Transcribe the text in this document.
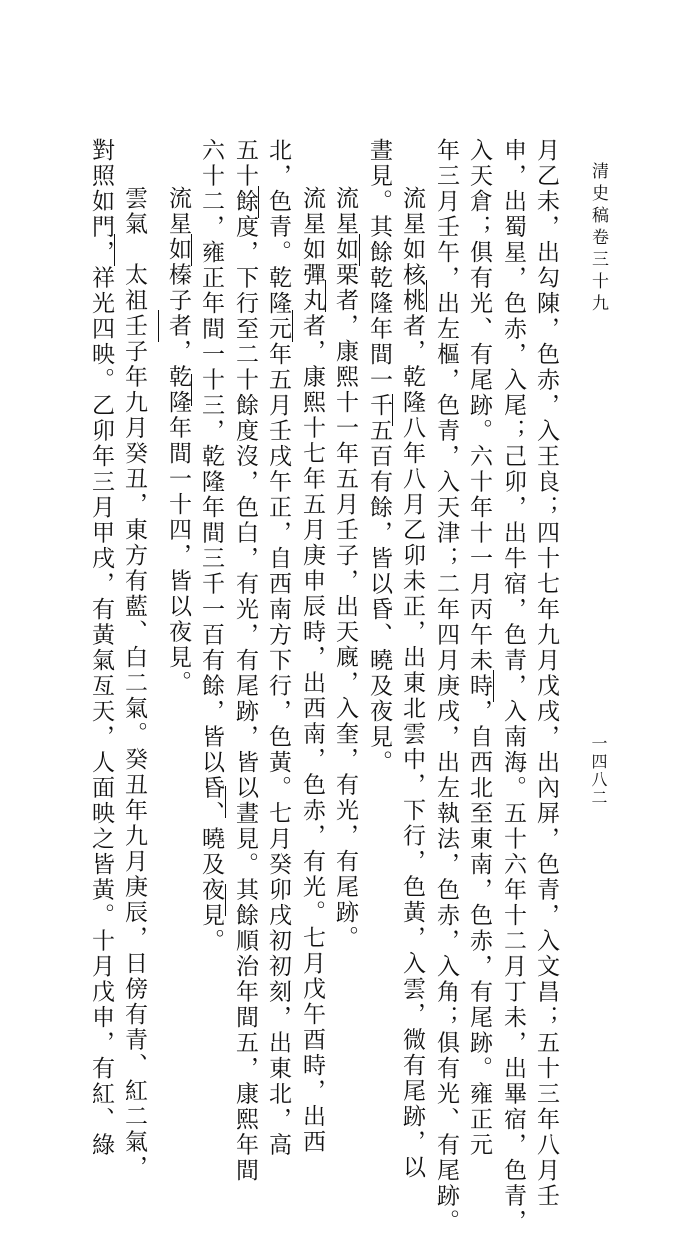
清史稿卷三十九
一四八二
月乙未，出勾陳，色赤，入王良；四十七年九月戊戌，出內屏，色青，入文昌；五十三年八月壬
申，出蜀星，色赤，入尾；己卯，出牛宿，色青，入南海。五十六年十二月丁未，出畢宿，色青，
入天倉；俱有光、有尾跡。六十年十一月丙午未時，自西北至東南，色赤，有尾跡。雍正元
年三月壬午，出左樞，色青，入天津；二年四月庚戌，出左執法，色赤，入角；俱有光、有尾跡。
流星如核桃者，乾隆八年八月乙卯未正，出東北雲中，下行，色黃，入雲，微有尾跡，以
晝見。其餘乾隆年間一千五百有餘，皆以昏、曉及夜見。
流星如栗者，康熙十一年五月壬子，出天廐，入奎，有光，有尾跡。
流星如彈丸者，康熙十七年五月庚申辰時，出西南，色赤，有光。七月戊午酉時，出西
北，色青。乾隆元年五月壬戌午正，自西南方下行，色黃。七月癸卯戌初初刻，出東北，高
五十餘度，下行至二十餘度沒，色白，有光，有尾跡，皆以晝見。其餘順治年間五，康熙年間
六十二，雍正年間一十三，乾隆年間三千一百有餘，皆以昏、曉及夜見。
流星如榛子者，乾隆年間一十四，皆以夜見。
雲氣　太祖壬子年九月癸丑，東方有藍、白二氣。癸丑年九月庚辰，日傍有青、紅二氣，
對照如門，祥光四映。乙卯年三月甲戌，有黃氣亙天，人面映之皆黃。十月戊申，有紅、綠
